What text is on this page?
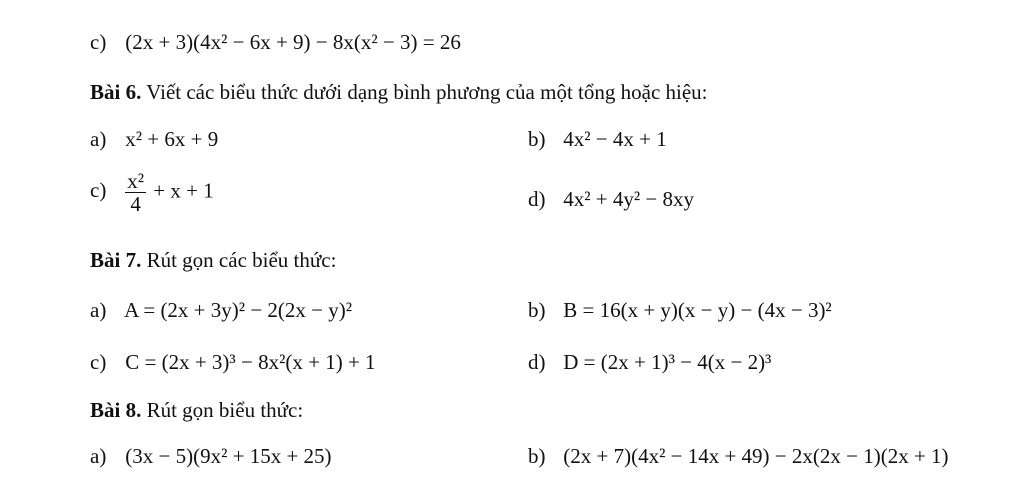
c) (2x + 3)(4x² − 6x + 9) − 8x(x² − 3) = 26
Bài 6. Viết các biểu thức dưới dạng bình phương của một tổng hoặc hiệu:
a) x² + 6x + 9	b) 4x² − 4x + 1
$c) \frac{\text{x²}}{4} + x + 1$	d) 4x² + 4y² − 8xy
Bài 7. Rút gọn các biểu thức:
a) A = (2x + 3y)² − 2(2x − y)²	b) B = 16(x + y)(x − y) − (4x − 3)²
c) C = (2x + 3)³ − 8x²(x + 1) + 1	d) D = (2x + 1)³ − 4(x − 2)³
Bài 8. Rút gọn biểu thức:
a) (3x − 5)(9x² + 15x + 25)	b) (2x + 7)(4x² − 14x + 49) − 2x(2x − 1)(2x + 1)
